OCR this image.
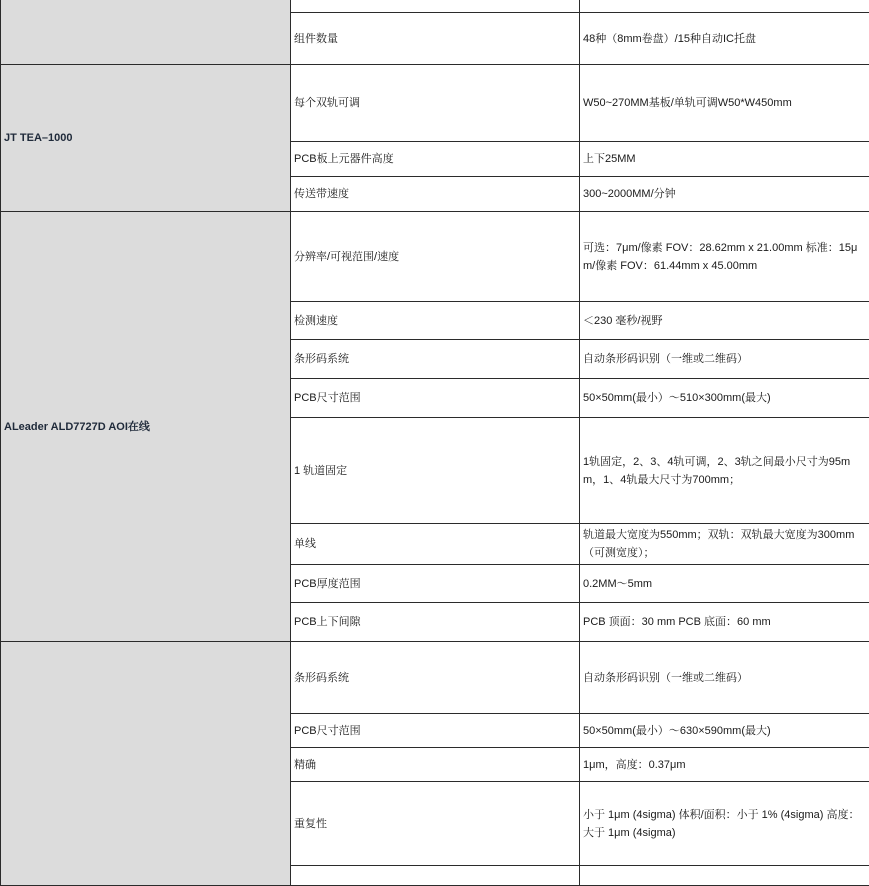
	组件数量	48种（8mm卷盘）/15种自动IC托盘
JT TEA–1000	每个双轨可调	W50~270MM基板/单轨可调W50*W450mm
	PCB板上元器件高度	上下25MM
	传送带速度	300~2000MM/分钟
ALeader ALD7727D AOI在线	分辨率/可视范围/速度	可选：7μm/像素 FOV：28.62mm x 21.00mm 标准：15μm/像素 FOV：61.44mm x 45.00mm
	检测速度	＜230 毫秒/视野
	条形码系统	自动条形码识别（一维或二维码）
	PCB尺寸范围	50×50mm(最小）～510×300mm(最大)
	1 轨道固定	1轨固定，2、3、4轨可调，2、3轨之间最小尺寸为95mm，1、4轨最大尺寸为700mm；
	单线	轨道最大宽度为550mm；双轨：双轨最大宽度为300mm（可测宽度）；
	PCB厚度范围	0.2MM～5mm
	PCB上下间隙	PCB 顶面：30 mm PCB 底面：60 mm
	条形码系统	自动条形码识别（一维或二维码）
	PCB尺寸范围	50×50mm(最小）～630×590mm(最大)
	精确	1μm，高度：0.37μm
	重复性	小于 1μm (4sigma) 体积/面积：小于 1% (4sigma) 高度：大于 1μm (4sigma)
